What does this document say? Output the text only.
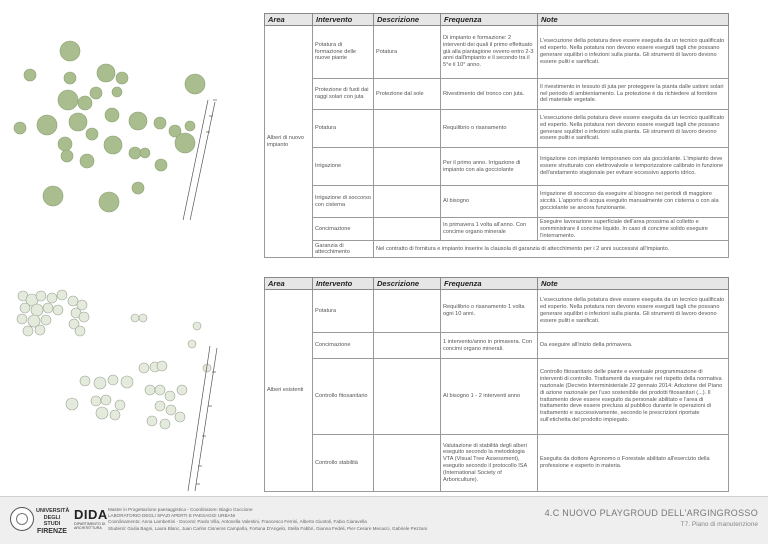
Area	Intervento	Descrizione	Frequenza	Note
Alberi di nuovo impianto	Potatura di formazione delle nuove piante	Potatura	Di impianto e formazione: 2 interventi dei quali il primo effettuato già alla piantagione ovvero entro 2-3 anni dall'impianto e il secondo tra il 5°e il 10° anno.	L'esecuzione della potatura deve essere eseguita da un tecnico qualificato ed esperto. Nella potatura non devono essere eseguiti tagli che possano generare squilibri o infezioni sulla pianta. Gli strumenti di lavoro devono essere puliti e sanificati.
	Protezione di fusti dai raggi solari con juta	Protezione dal sole	Rivestimento del tronco con juta.	Il rivestimento in tessuto di juta per proteggere la pianta dalle ustioni solari nel periodo di ambientamento. La protezione è da richiedere al fornitore del materiale vegetale.
	Potatura		Requilibrio o risanamento	L'esecuzione della potatura deve essere eseguita da un tecnico qualificato ed esperto. Nella potatura non devono essere eseguiti tagli che possano generare squilibri o infezioni sulla pianta. Gli strumenti di lavoro devono essere puliti e sanificati.
	Irrigazione		Per il primo anno. Irrigazione di impianto con ala gocciolante	Irrigazione con impianto temporaneo con ala gocciolante. L'impianto deve essere strutturato con elettrovalvole e temporizzatore calibrato in funzione dell'andamento stagionale per evitare eccessivo apporto idrico.
	Irrigazione di soccorso con cisterna		Al bisogno	Irrigazione di soccorso da eseguire al bisogno nei periodi di maggiore siccità. L'apporto di acqua eseguito manualmente con cisterna o con ala gocciolante se ancora funzionante.
	Concimazione		In primavera 1 volta all'anno. Con concime organo minerale	Eseguire lavorazione superficiale dell'area prossima al colletto e somministrare il concime liquido. In caso di concime solido eseguire l'interramento.
	Garanzia di attecchimento	Nel contratto di fornitura e impianto inserire la clausola di garanzia di attecchimento per i 2 anni successivi all'impianto.		
Area	Intervento	Descrizione	Frequenza	Note
Alberi esistenti	Potatura		Requilibrio o risanamento 1 volta ogni 10 anni.	L'esecuzione della potatura deve essere eseguita da un tecnico qualificato ed esperto. Nella potatura non devono essere eseguiti tagli che possano generare squilibri o infezioni sulla pianta. Gli strumenti di lavoro devono essere puliti e sanificati.
	Concimazione		1 intervento/anno in primavera. Con concimi organo minerali.	Da eseguire all'inizio della primavera.
	Controllo fitosanitario		Al bisogno 1 - 2 interventi anno	Controllo fitosanitario delle piante e eventuale programmazione di interventi di controllo. Trattamenti da eseguire nel rispetto della normativa nazionale (Decreto Interministeriale 22 gennaio 2014: Adozione del Piano di azione nazionale per l'uso sostenibile dei prodotti fitosanitari (...). Il trattamento deve essere eseguito da personale abilitato e l'area di trattamento deve essere preclusa al pubblico durante le operazioni di trattamento e successivamente, secondo le prescrizioni riportate sull'etichetta del prodotto impiegato.
	Controllo stabilità		Valutazione di stabilità degli alberi eseguito secondo la metodologia VTA (Visual Tree Assessment), eseguito secondo il protocollo ISA (International Society of Arboriculture).	Eseguita da dottore Agronomo o Forestale abilitato all'esercizio della professione e esperto in materia.
UNIVERSITÀ
DEGLI STUDI
FIRENZE
DIDA
DIPARTIMENTO DI ARCHITETTURA
Master in Progettazione paesaggistica - Coordinatore: Biagio Guccione
LABORATORIO DEGLI SPAZI APERTI E PAESAGGI URBANI
Coordinamento: Anna Lambertini - Docenti: Paolo Villa, Antonella Valentini, Francesco Ferrini, Alberto Giuntoli, Fabio Ciaravella
Studenti: Giulia Bagni, Laura Blanc, Juan Carlos Cisneros Campaña, Fortuna D'Angelo, Stella Fabbri, Gianna Fedeli, Pier Cesare Mecacci, Gabriele Pezzani
4.C NUOVO PLAYGROUD DELL'ARGINGROSSO
T7. Piano di manutenzione
